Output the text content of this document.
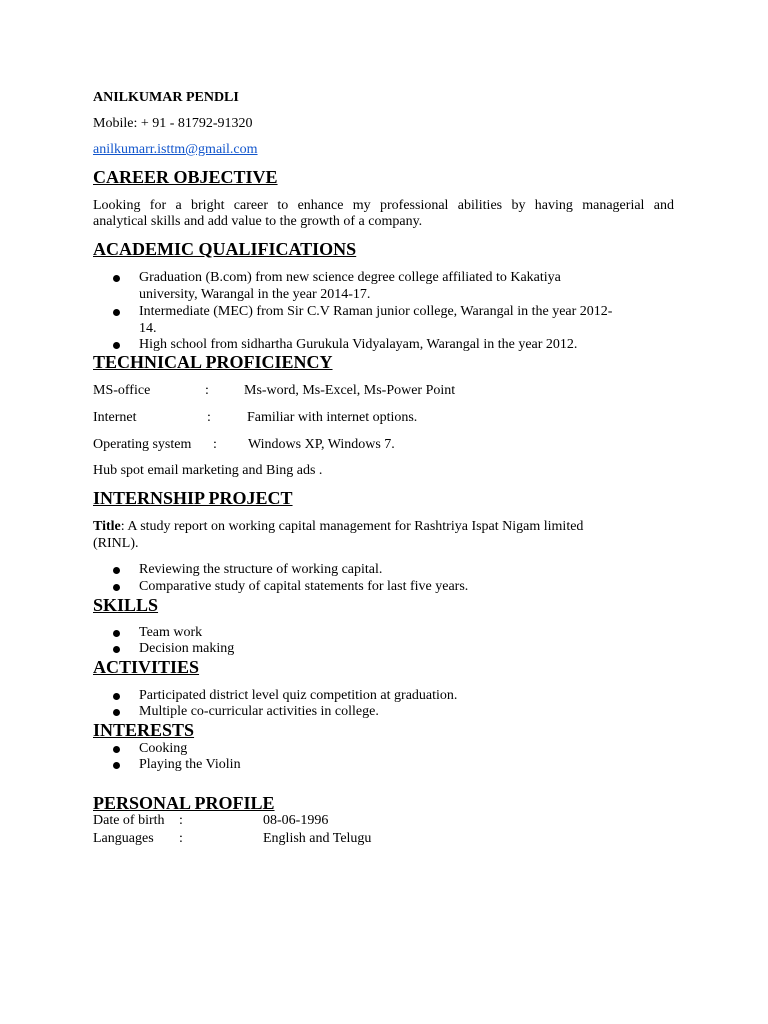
ANILKUMAR PENDLI
Mobile: + 91 - 81792-91320
anilkumarr.isttm@gmail.com
CAREER OBJECTIVE
Looking for a bright career to enhance my professional abilities by having managerial and
analytical skills and add value to the growth of a company.
ACADEMIC QUALIFICATIONS
Graduation (B.com) from new science degree college affiliated to Kakatiya
university, Warangal in the year 2014-17.
Intermediate (MEC) from Sir C.V Raman junior college, Warangal in the year 2012-
14.
High school from sidhartha Gurukula Vidyalayam, Warangal in the year 2012.
TECHNICAL PROFICIENCY
MS-office	:	Ms-word, Ms-Excel, Ms-Power Point
Internet	:	Familiar with internet options.
Operating system : Windows XP, Windows 7.
Hub spot email marketing and Bing ads .
INTERNSHIP PROJECT
Title: A study report on working capital management for Rashtriya Ispat Nigam limited
(RINL).
Reviewing the structure of working capital.
Comparative study of capital statements for last five years.
SKILLS
Team work
Decision making
ACTIVITIES
Participated district level quiz competition at graduation.
Multiple co-curricular activities in college.
INTERESTS
Cooking
Playing the Violin
PERSONAL PROFILE
Date of birth :	08-06-1996
Languages :	English and Telugu
